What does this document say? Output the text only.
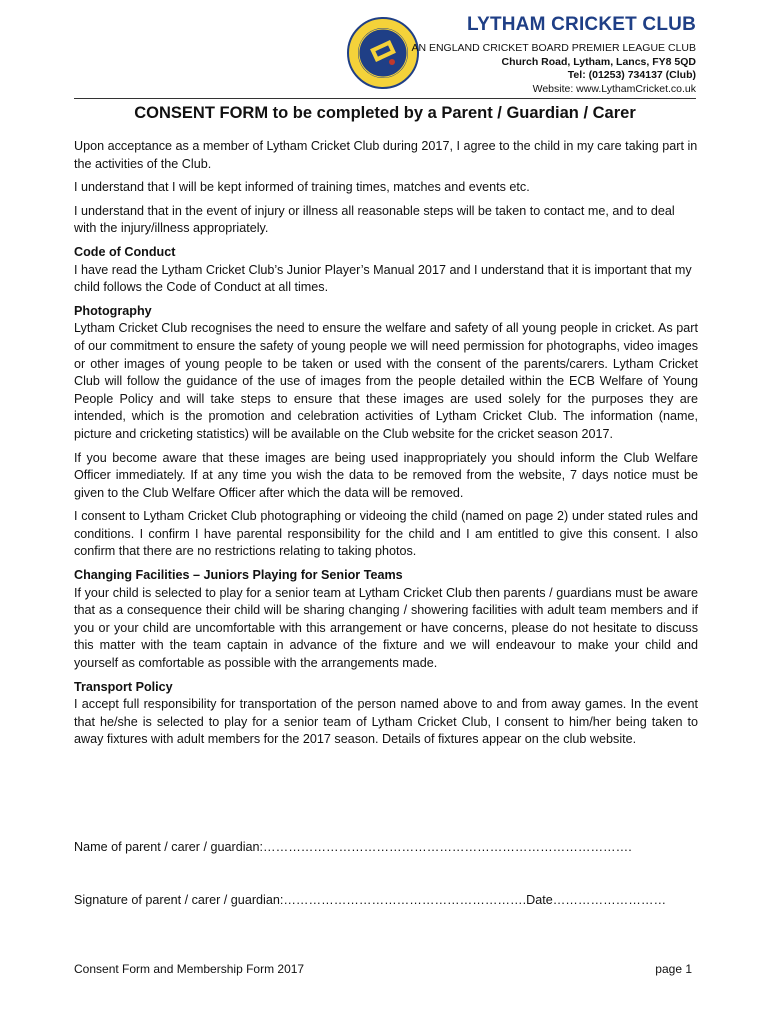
LYTHAM CRICKET CLUB
AN ENGLAND CRICKET BOARD PREMIER LEAGUE CLUB
Church Road, Lytham, Lancs, FY8 5QD
Tel: (01253) 734137 (Club)
Website: www.LythamCricket.co.uk
CONSENT FORM to be completed by a Parent / Guardian / Carer

Upon acceptance as a member of Lytham Cricket Club during 2017, I agree to the child in my care taking part in the activities of the Club.

I understand that I will be kept informed of training times, matches and events etc.

I understand that in the event of injury or illness all reasonable steps will be taken to contact me, and to deal with the injury/illness appropriately.

Code of Conduct
I have read the Lytham Cricket Club’s Junior Player’s Manual 2017 and I understand that it is important that my child follows the Code of Conduct at all times.
Photography
Lytham Cricket Club recognises the need to ensure the welfare and safety of all young people in cricket. As part of our commitment to ensure the safety of young people we will need permission for photographs, video images or other images of young people to be taken or used with the consent of the parents/carers. Lytham Cricket Club will follow the guidance of the use of images from the people detailed within the ECB Welfare of Young People Policy and will take steps to ensure that these images are used solely for the purposes they are intended, which is the promotion and celebration activities of Lytham Cricket Club. The information (name, picture and cricketing statistics) will be available on the Club website for the cricket season 2017.

If you become aware that these images are being used inappropriately you should inform the Club Welfare Officer immediately. If at any time you wish the data to be removed from the website, 7 days notice must be given to the Club Welfare Officer after which the data will be removed.

I consent to Lytham Cricket Club photographing or videoing the child (named on page 2) under stated rules and conditions. I confirm I have parental responsibility for the child and I am entitled to give this consent. I also confirm that there are no restrictions relating to taking photos.

Changing Facilities – Juniors Playing for Senior Teams
If your child is selected to play for a senior team at Lytham Cricket Club then parents / guardians must be aware that as a consequence their child will be sharing changing / showering facilities with adult team members and if you or your child are uncomfortable with this arrangement or have concerns, please do not hesitate to discuss this matter with the team captain in advance of the fixture and we will endeavour to make your child and yourself as comfortable as possible with the arrangements made.
Transport Policy
I accept full responsibility for transportation of the person named above to and from away games. In the event that he/she is selected to play for a senior team of Lytham Cricket Club, I consent to him/her being taken to away fixtures with adult members for the 2017 season. Details of fixtures appear on the club website.
Name of parent / carer / guardian:…………………………………………………………………………….
Signature of parent / carer / guardian:………………………………………………….Date………………………
Consent Form and Membership Form 2017	page 1
